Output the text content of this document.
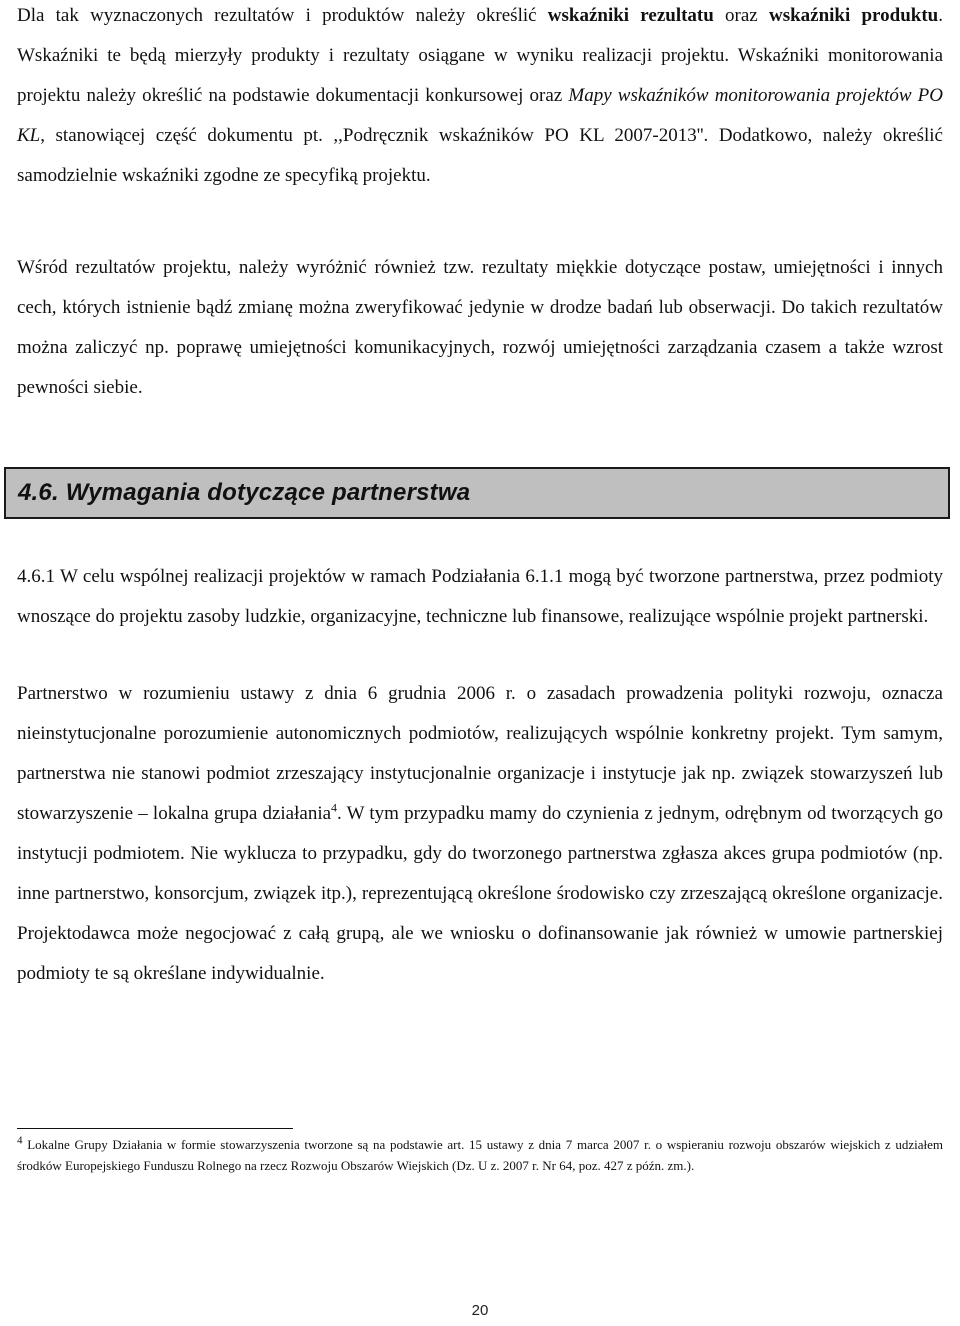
Dla tak wyznaczonych rezultatów i produktów należy określić wskaźniki rezultatu oraz wskaźniki produktu. Wskaźniki te będą mierzyły produkty i rezultaty osiągane w wyniku realizacji projektu. Wskaźniki monitorowania projektu należy określić na podstawie dokumentacji konkursowej oraz Mapy wskaźników monitorowania projektów PO KL, stanowiącej część dokumentu pt. ,,Podręcznik wskaźników PO KL 2007-2013''. Dodatkowo, należy określić samodzielnie wskaźniki zgodne ze specyfiką projektu.

Wśród rezultatów projektu, należy wyróżnić również tzw. rezultaty miękkie dotyczące postaw, umiejętności i innych cech, których istnienie bądź zmianę można zweryfikować jedynie w drodze badań lub obserwacji. Do takich rezultatów można zaliczyć np. poprawę umiejętności komunikacyjnych, rozwój umiejętności zarządzania czasem a także wzrost pewności siebie.

4.6.1 W celu wspólnej realizacji projektów w ramach Podziałania 6.1.1 mogą być tworzone partnerstwa, przez podmioty wnoszące do projektu zasoby ludzkie, organizacyjne, techniczne lub finansowe, realizujące wspólnie projekt partnerski.

Partnerstwo w rozumieniu ustawy z dnia 6 grudnia 2006 r. o zasadach prowadzenia polityki rozwoju, oznacza nieinstytucjonalne porozumienie autonomicznych podmiotów, realizujących wspólnie konkretny projekt. Tym samym, partnerstwa nie stanowi podmiot zrzeszający instytucjonalnie organizacje i instytucje jak np. związek stowarzyszeń lub stowarzyszenie – lokalna grupa działania$^4$. W tym przypadku mamy do czynienia z jednym, odrębnym od tworzących go instytucji podmiotem. Nie wyklucza to przypadku, gdy do tworzonego partnerstwa zgłasza akces grupa podmiotów (np. inne partnerstwo, konsorcjum, związek itp.), reprezentującą określone środowisko czy zrzeszającą określone organizacje. Projektodawca może negocjować z całą grupą, ale we wniosku o dofinansowanie jak również w umowie partnerskiej podmioty te są określane indywidualnie.

4.6. Wymagania dotyczące partnerstwa
$^4$ Lokalne Grupy Działania w formie stowarzyszenia tworzone są na podstawie art. 15 ustawy z dnia 7 marca 2007 r. o wspieraniu rozwoju obszarów wiejskich z udziałem środków Europejskiego Funduszu Rolnego na rzecz Rozwoju Obszarów Wiejskich (Dz. U z. 2007 r. Nr 64, poz. 427 z późn. zm.).
20
